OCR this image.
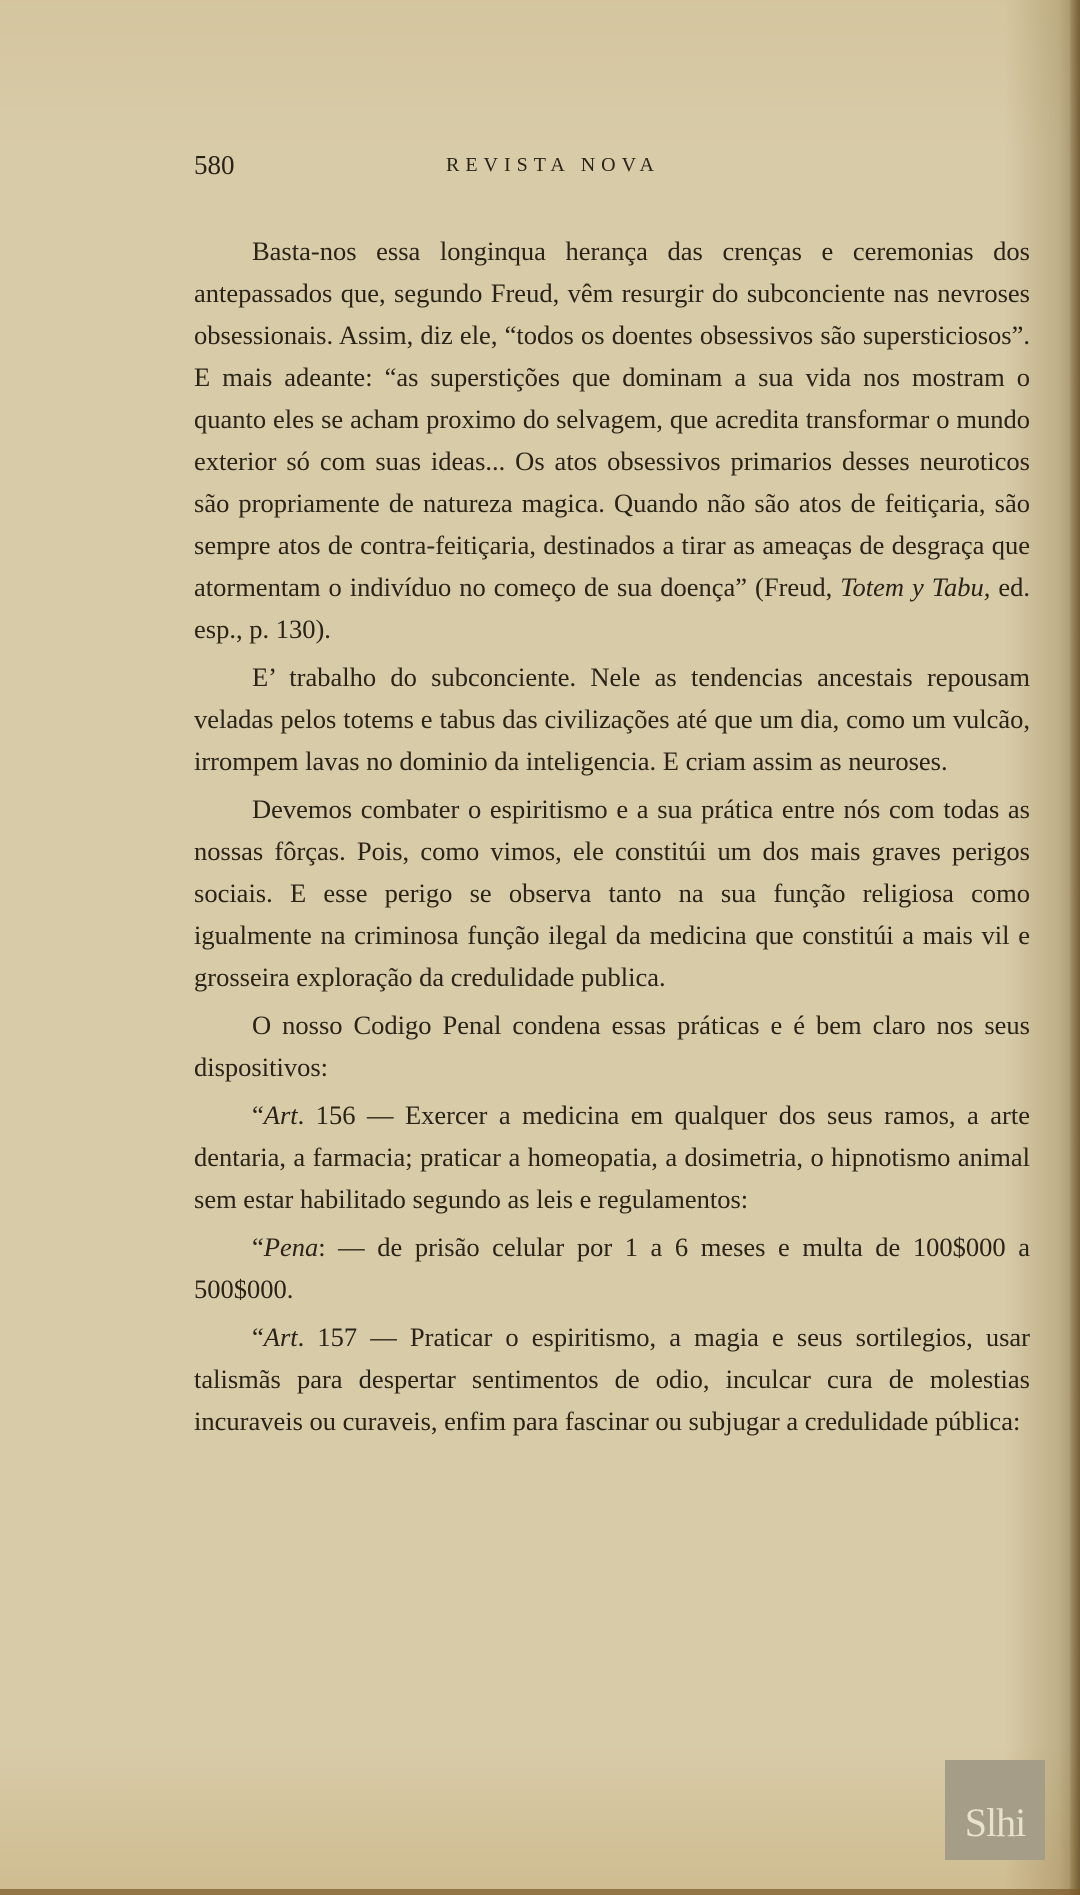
580	REVISTA NOVA

Basta-nos essa longinqua herança das crenças e ceremonias dos antepassados que, segundo Freud, vêm resurgir do subconciente nas nevroses obsessionais. Assim, diz ele, “todos os doentes obsessivos são supersticiosos”. E mais adeante: “as superstições que dominam a sua vida nos mostram o quanto eles se acham proximo do selvagem, que acredita transformar o mundo exterior só com suas ideas... Os atos obsessivos primarios desses neuroticos são propriamente de natureza magica. Quando não são atos de feitiçaria, são sempre atos de contra-feitiçaria, destinados a tirar as ameaças de desgraça que atormentam o indivíduo no começo de sua doença” (Freud, Totem y Tabu, ed. esp., p. 130).

E’ trabalho do subconciente. Nele as tendencias ancestais repousam veladas pelos totems e tabus das civilizações até que um dia, como um vulcão, irrompem lavas no dominio da inteligencia. E criam assim as neuroses.

Devemos combater o espiritismo e a sua prática entre nós com todas as nossas fôrças. Pois, como vimos, ele constitúi um dos mais graves perigos sociais. E esse perigo se observa tanto na sua função religiosa como igualmente na criminosa função ilegal da medicina que constitúi a mais vil e grosseira exploração da credulidade publica.

O nosso Codigo Penal condena essas práticas e é bem claro nos seus dispositivos:

“Art. 156 — Exercer a medicina em qualquer dos seus ramos, a arte dentaria, a farmacia; praticar a homeopatia, a dosimetria, o hipnotismo animal sem estar habilitado segundo as leis e regulamentos:

“Pena: — de prisão celular por 1 a 6 meses e multa de 100$000 a 500$000.

“Art. 157 — Praticar o espiritismo, a magia e seus sortilegios, usar talismãs para despertar sentimentos de odio, inculcar cura de molestias incuraveis ou curaveis, enfim para fascinar ou subjugar a credulidade pública:

Slhi
